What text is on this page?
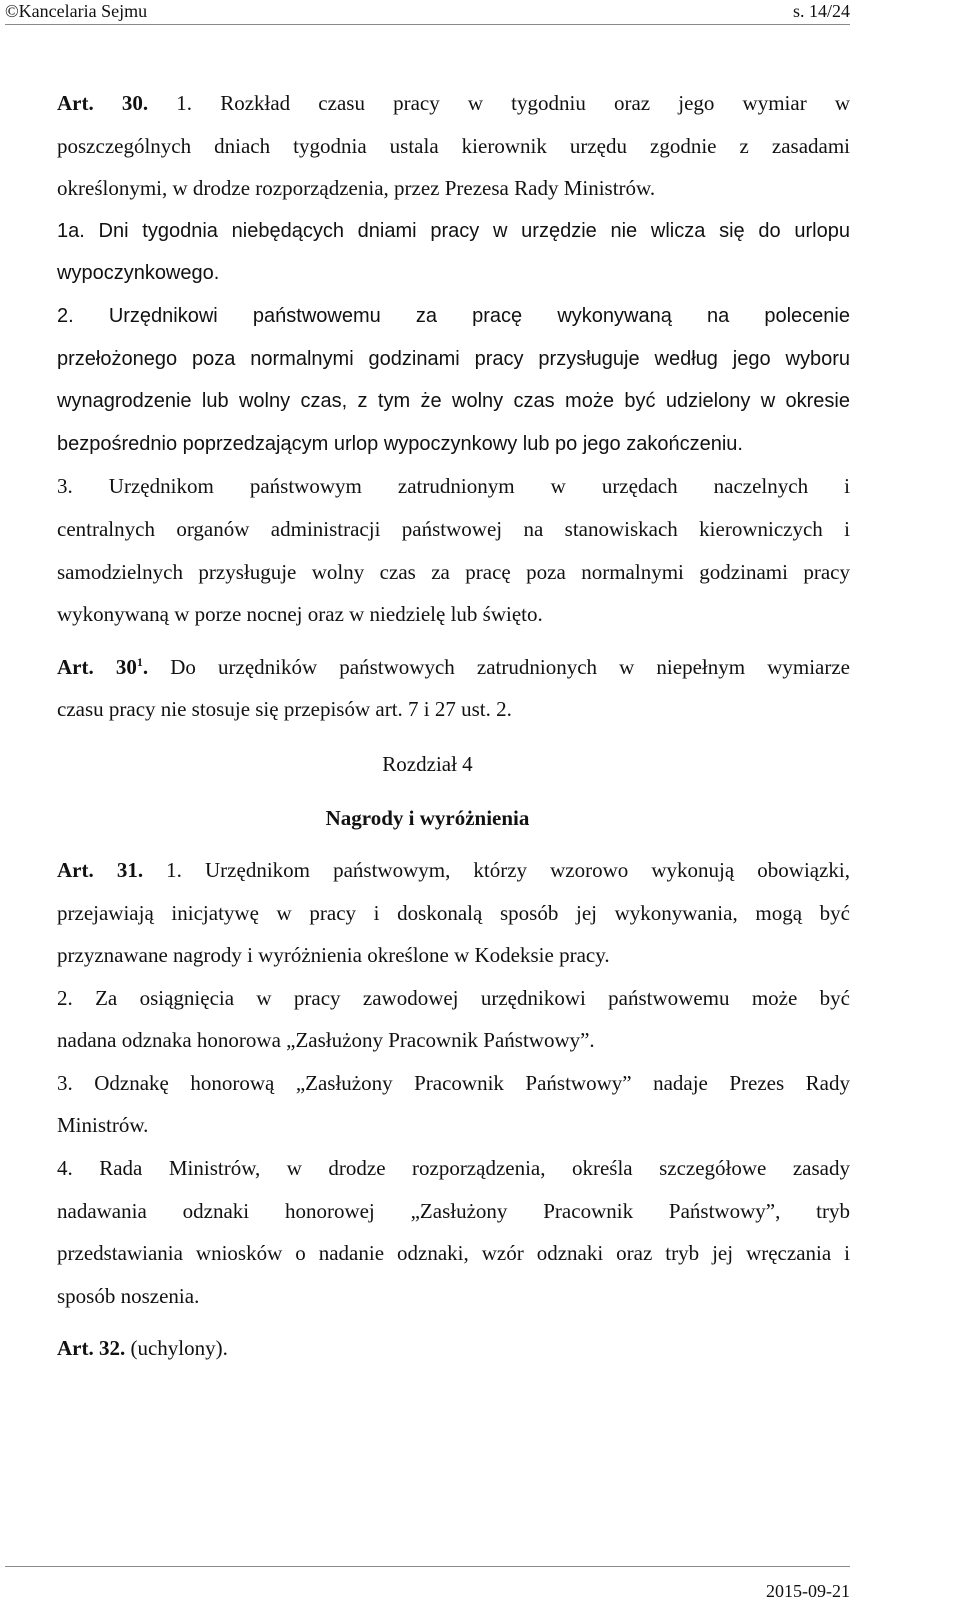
©Kancelaria Sejmu	s. 14/24

Art. 30. 1. Rozkład czasu pracy w tygodniu oraz jego wymiar w
poszczególnych dniach tygodnia ustala kierownik urzędu zgodnie z zasadami
określonymi, w drodze rozporządzenia, przez Prezesa Rady Ministrów.

1a. Dni tygodnia niebędących dniami pracy w urzędzie nie wlicza się do urlopu
wypoczynkowego.

2. Urzędnikowi państwowemu za pracę wykonywaną na polecenie
przełożonego poza normalnymi godzinami pracy przysługuje według jego wyboru
wynagrodzenie lub wolny czas, z tym że wolny czas może być udzielony w okresie
bezpośrednio poprzedzającym urlop wypoczynkowy lub po jego zakończeniu.

3. Urzędnikom państwowym zatrudnionym w urzędach naczelnych i
centralnych organów administracji państwowej na stanowiskach kierowniczych i
samodzielnych przysługuje wolny czas za pracę poza normalnymi godzinami pracy
wykonywaną w porze nocnej oraz w niedzielę lub święto.

Art. $30^1$. Do urzędników państwowych zatrudnionych w niepełnym wymiarze
czasu pracy nie stosuje się przepisów art. 7 i 27 ust. 2.

Rozdział 4

Nagrody i wyróżnienia

Art. 31. 1. Urzędnikom państwowym, którzy wzorowo wykonują obowiązki,
przejawiają inicjatywę w pracy i doskonalą sposób jej wykonywania, mogą być
przyznawane nagrody i wyróżnienia określone w Kodeksie pracy.

2. Za osiągnięcia w pracy zawodowej urzędnikowi państwowemu może być
nadana odznaka honorowa „Zasłużony Pracownik Państwowy”.

3. Odznakę honorową „Zasłużony Pracownik Państwowy” nadaje Prezes Rady
Ministrów.

4. Rada Ministrów, w drodze rozporządzenia, określa szczegółowe zasady
nadawania odznaki honorowej „Zasłużony Pracownik Państwowy”, tryb
przedstawiania wniosków o nadanie odznaki, wzór odznaki oraz tryb jej wręczania i
sposób noszenia.

Art. 32. (uchylony).

2015-09-21
